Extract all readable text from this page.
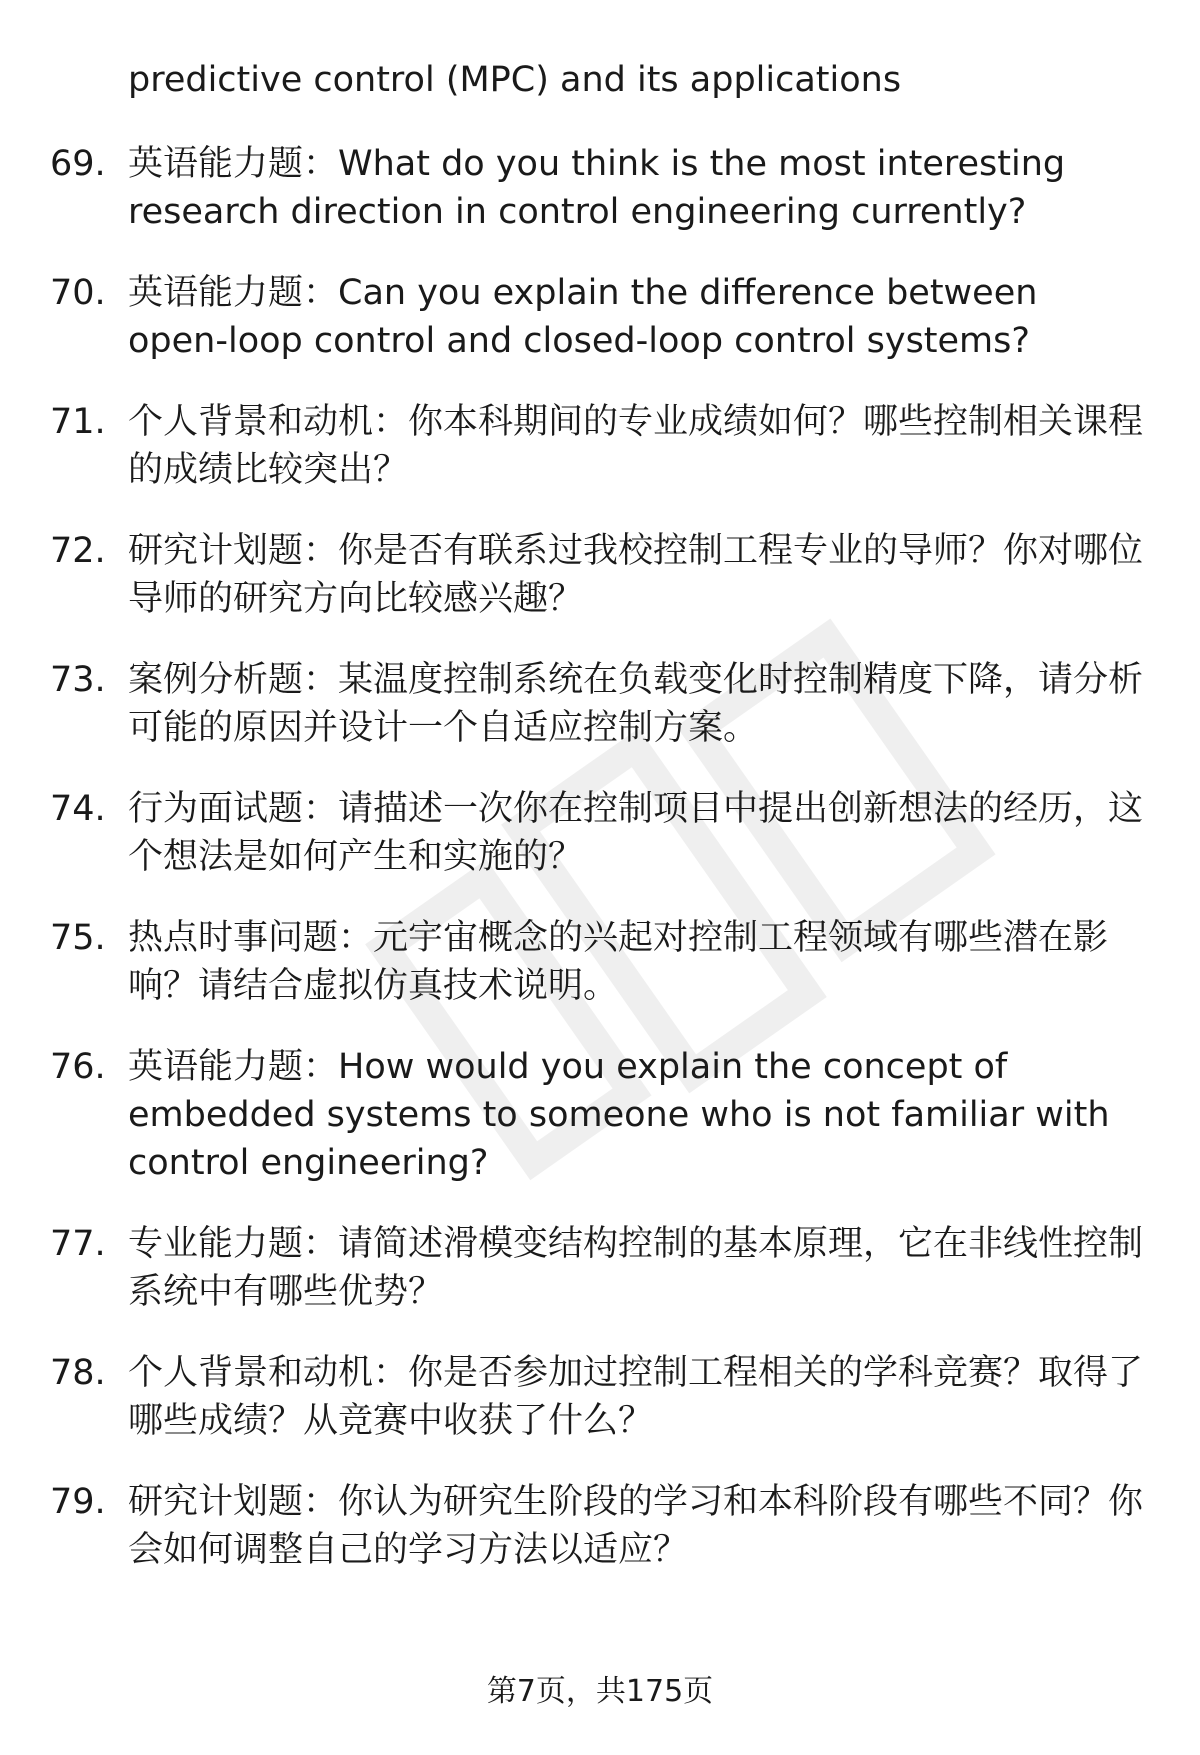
predictive control (MPC) and its applications

69. 英语能力题：What do you think is the most interesting research direction in control engineering currently?
70. 英语能力题：Can you explain the difference between open-loop control and closed-loop control systems?
71. 个人背景和动机：你本科期间的专业成绩如何？哪些控制相关课程的成绩比较突出？
72. 研究计划题：你是否有联系过我校控制工程专业的导师？你对哪位导师的研究方向比较感兴趣？
73. 案例分析题：某温度控制系统在负载变化时控制精度下降，请分析可能的原因并设计一个自适应控制方案。
74. 行为面试题：请描述一次你在控制项目中提出创新想法的经历，这个想法是如何产生和实施的？
75. 热点时事问题：元宇宙概念的兴起对控制工程领域有哪些潜在影响？请结合虚拟仿真技术说明。
76. 英语能力题：How would you explain the concept of embedded systems to someone who is not familiar with control engineering?
77. 专业能力题：请简述滑模变结构控制的基本原理，它在非线性控制系统中有哪些优势？
78. 个人背景和动机：你是否参加过控制工程相关的学科竞赛？取得了哪些成绩？从竞赛中收获了什么？
79. 研究计划题：你认为研究生阶段的学习和本科阶段有哪些不同？你会如何调整自己的学习方法以适应？
第7页，共175页
